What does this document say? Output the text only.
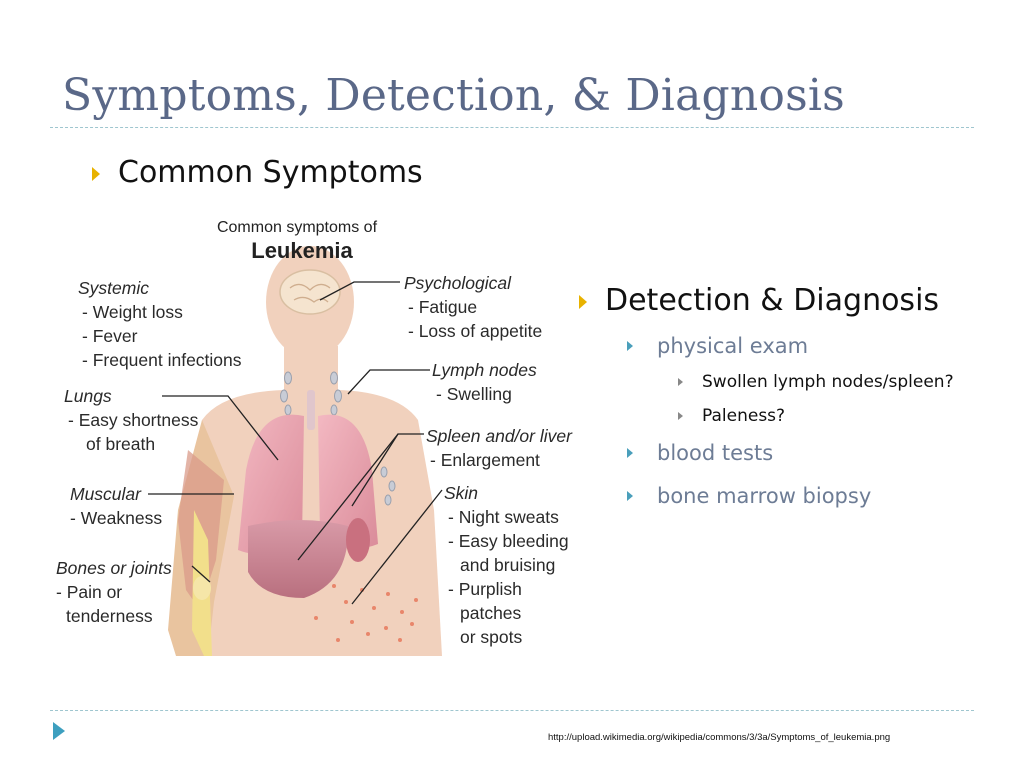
Symptoms, Detection, & Diagnosis
Common Symptoms
Common symptoms of
Leukemia
Systemic
- Weight loss
- Fever
- Frequent infections
Lungs
- Easy shortness
of breath
Muscular
- Weakness
Bones or joints
- Pain or
tenderness
Psychological
- Fatigue
- Loss of appetite
Lymph nodes
- Swelling
Spleen and/or liver
- Enlargement
Skin
- Night sweats
- Easy bleeding
and bruising
- Purplish
patches
or spots
Detection & Diagnosis
physical exam
Swollen lymph nodes/spleen?
Paleness?
blood tests
bone marrow biopsy
http://upload.wikimedia.org/wikipedia/commons/3/3a/Symptoms_of_leukemia.png
